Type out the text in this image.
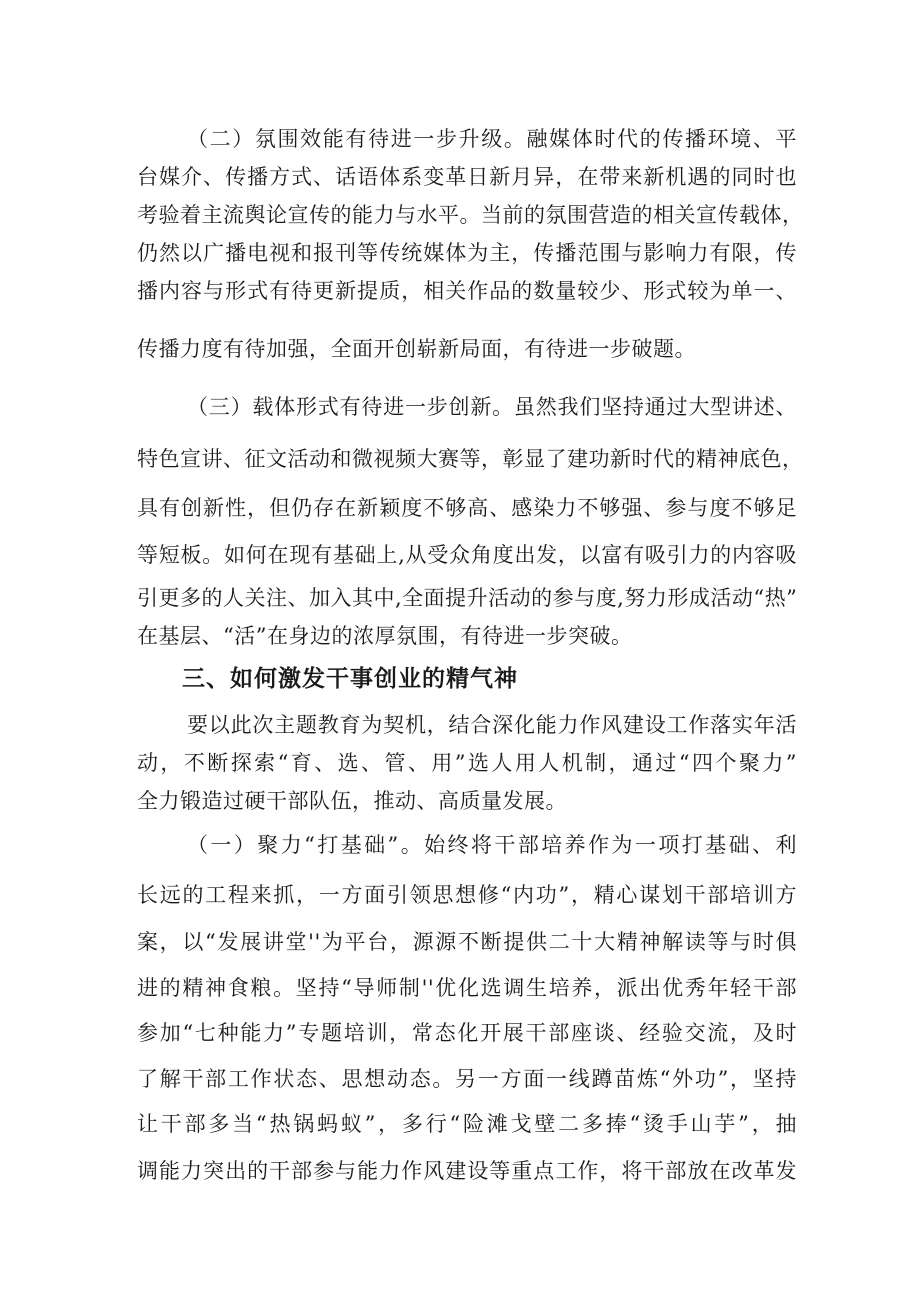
（二）氛围效能有待进一步升级。融媒体时代的传播环境、平
台媒介、传播方式、话语体系变革日新月异，在带来新机遇的同时也
考验着主流舆论宣传的能力与水平。当前的氛围营造的相关宣传载体，
仍然以广播电视和报刊等传统媒体为主，传播范围与影响力有限，传
播内容与形式有待更新提质，相关作品的数量较少、形式较为单一、
传播力度有待加强，全面开创崭新局面，有待进一步破题。
（三）载体形式有待进一步创新。虽然我们坚持通过大型讲述、
特色宣讲、征文活动和微视频大赛等，彰显了建功新时代的精神底色，
具有创新性，但仍存在新颖度不够高、感染力不够强、参与度不够足
等短板。如何在现有基础上,从受众角度出发，以富有吸引力的内容吸
引更多的人关注、加入其中,全面提升活动的参与度,努力形成活动“热”
在基层、“活”在身边的浓厚氛围，有待进一步突破。
三、如何激发干事创业的精气神
要以此次主题教育为契机，结合深化能力作风建设工作落实年活
动，不断探索“育、选、管、用”选人用人机制，通过“四个聚力”
全力锻造过硬干部队伍，推动、高质量发展。
（一）聚力“打基础”。始终将干部培养作为一项打基础、利
长远的工程来抓，一方面引领思想修“内功”，精心谋划干部培训方
案，以“发展讲堂''为平台，源源不断提供二十大精神解读等与时俱
进的精神食粮。坚持“导师制''优化选调生培养，派出优秀年轻干部
参加“七种能力”专题培训，常态化开展干部座谈、经验交流，及时
了解干部工作状态、思想动态。另一方面一线蹲苗炼“外功”，坚持
让干部多当“热锅蚂蚁”，多行“险滩戈壁二多捧“烫手山芋”，抽
调能力突出的干部参与能力作风建设等重点工作，将干部放在改革发
